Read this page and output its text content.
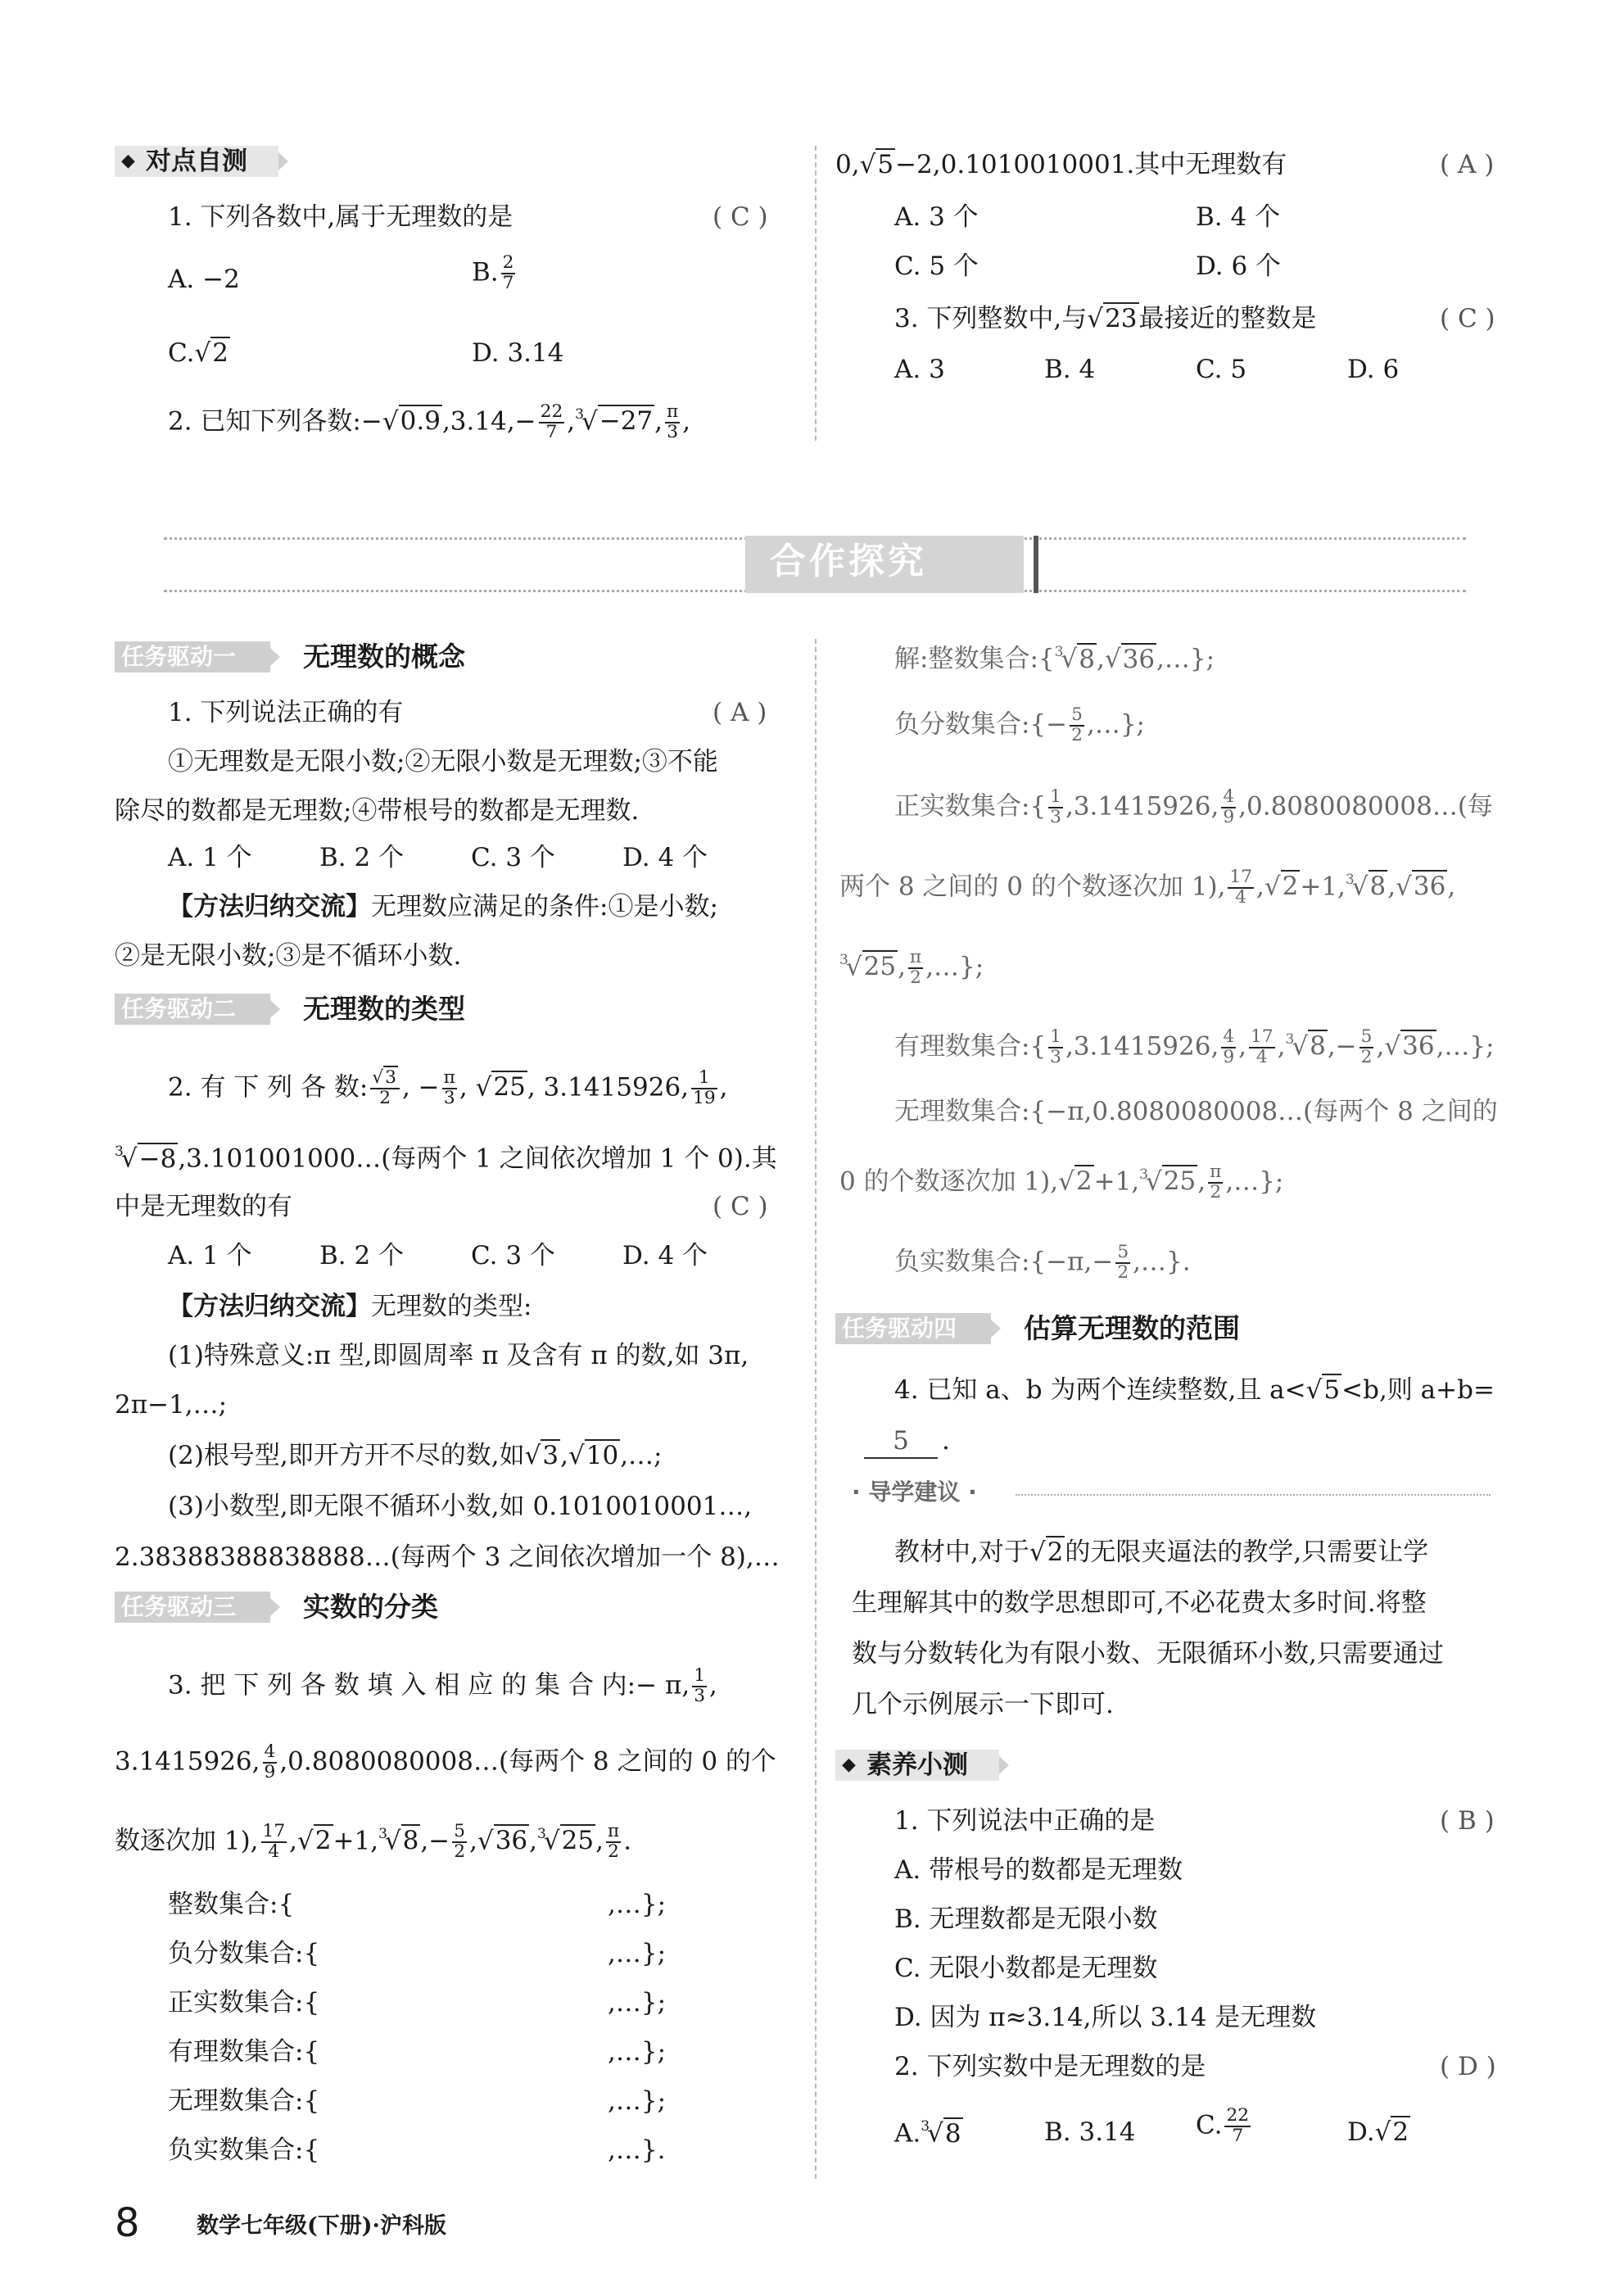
对点自测
◆
1. 下列各数中,属于无理数的是	( C )
A. −2	B. $\frac{2}{7}$
C.√2	D. 3.14
2. 已知下列各数:−√0.9,3.14,− $\frac{22}{7} ,^3√-27$, $\frac{\pi}{3}$ ,
0,√5−2,0.1010010001.其中无理数有	( A )
A. 3 个	B. 4 个
C. 5 个	D. 6 个
3. 下列整数中,与√23最接近的整数是	( C )
A. 3	B. 4	C. 5	D. 6
合作探究
任务驱动一 无理数的概念
1. 下列说法正确的有	( A )
①无理数是无限小数;②无限小数是无理数;③不能
除尽的数都是无理数;④带根号的数都是无理数.
A. 1 个	B. 2 个	C. 3 个	D. 4 个
【方法归纳交流】无理数应满足的条件:①是小数;
②是无限小数;③是不循环小数.
任务驱动二 无理数的类型
2. 有 下 列 各 数: $\frac{√3}{2}$ , − $\frac{\pi}{3}$ , √25, 3.1415926, $\frac{1}{19}$ ,
$^3$√−8,3.101001000…(每两个 1 之间依次增加 1 个 0).其
中是无理数的有	( C )
A. 1 个	B. 2 个	C. 3 个	D. 4 个
【方法归纳交流】无理数的类型:
(1)特殊意义:π 型,即圆周率 π 及含有 π 的数,如 3π,
2π−1,…;
(2)根号型,即开方开不尽的数,如√3,√10,…;
(3)小数型,即无限不循环小数,如 0.1010010001…,
2.38388388838888…(每两个 3 之间依次增加一个 8),…
任务驱动三 实数的分类
3. 把 下 列 各 数 填 入 相 应 的 集 合 内:− π, $\frac{1}{3}$ ,
3.1415926, $\frac{4}{9}$ ,0.8080080008…(每两个 8 之间的 0 的个
数逐次加 1), $\frac{17}{4} ,√2+1,^3√8,- \frac{5}{2} ,√36,^3√25$, $\frac{\pi}{2}$ .
整数集合:{	,…};
负分数集合:{	,…};
正实数集合:{	,…};
有理数集合:{	,…};
无理数集合:{	,…};
负实数集合:{	,…}.
解:整数集合:{$^3$√8,√36,…};
负分数集合:{− $\frac{5}{2}$ ,…};
正实数集合:{ $\frac{1}{3} ,3.1415926$, $\frac{4}{9}$ ,0.8080080008…(每
两个 8 之间的 0 的个数逐次加 1), $\frac{17}{4} ,√2+1,^3√8,√36$,
$^3$√25, $\frac{\pi}{2}$ ,…};
有理数集合:{ $\frac{1}{3} ,3.1415926$, $\frac{4}{9}$ , $\frac{17}{4} ,^3√8,- \frac{5}{2}$ ,√36,…};
无理数集合:{−π,0.8080080008…(每两个 8 之间的
0 的个数逐次加 1),√2+1,$^3$√25, $\frac{\pi}{2}$ ,…};
负实数集合:{−π,− $\frac{5}{2}$ ,…}.
任务驱动四 估算无理数的范围
4. 已知 a、b 为两个连续整数,且 a<√5<b,则 a+b=
5	.
· 导学建议 ·
教材中,对于√2的无限夹逼法的教学,只需要让学
生理解其中的数学思想即可,不必花费太多时间.将整
数与分数转化为有限小数、无限循环小数,只需要通过
几个示例展示一下即可.
◆ 素养小测
1. 下列说法中正确的是	( B )
A. 带根号的数都是无理数
B. 无理数都是无限小数
C. 无限小数都是无理数
D. 因为 π≈3.14,所以 3.14 是无理数
2. 下列实数中是无理数的是	( D )
A.$^3$√8	B. 3.14 C. $\frac{22}{7}$	D.√2
8	数学七年级(下册)·沪科版
